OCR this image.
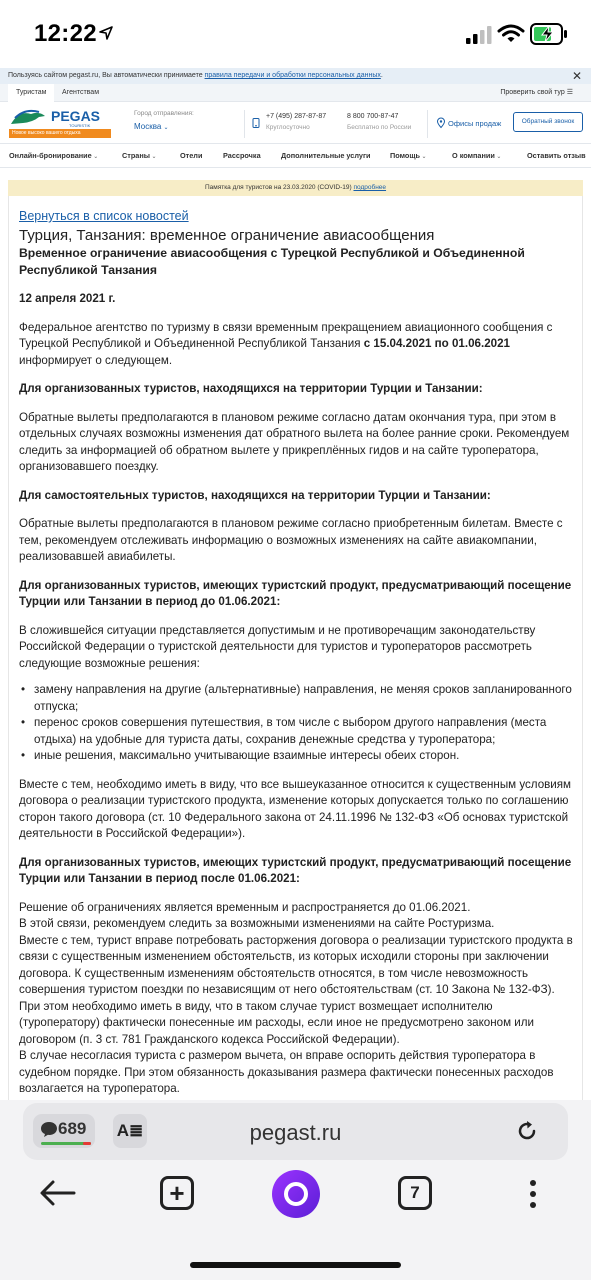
12:22
Пользуясь сайтом pegast.ru, Вы автоматически принимаете правила передачи и обработки персональных данных.	✕
Туристам	Агентствам	Проверить свой тур ☰
PEGAS
TOURISTIK
Новое высоко вашего отдыха
Город отправления:
Москва ⌄
+7 (495) 287-87-87
Круглосуточно
8 800 700-87-47
Бесплатно по России	Офисы продаж	Обратный звонок
Онлайн-бронирование⌄	Страны⌄	Отели	Рассрочка	Дополнительные услуги	Помощь⌄	О компании⌄	Оставить отзыв
Памятка для туристов на 23.03.2020 (COVID-19) подробнее
Вернуться в список новостей
Турция, Танзания: временное ограничение авиасообщения
Временное ограничение авиасообщения с Турецкой Республикой и Объединенной Республикой Танзания
12 апреля 2021 г.
Федеральное агентство по туризму в связи временным прекращением авиационного сообщения с Турецкой Республикой и Объединенной Республикой Танзания с 15.04.2021 по 01.06.2021 информирует о следующем.
Для организованных туристов, находящихся на территории Турции и Танзании:
Обратные вылеты предполагаются в плановом режиме согласно датам окончания тура, при этом в отдельных случаях возможны изменения дат обратного вылета на более ранние сроки. Рекомендуем следить за информацией об обратном вылете у прикреплённых гидов и на сайте туроператора, организовавшего поездку.
Для самостоятельных туристов, находящихся на территории Турции и Танзании:
Обратные вылеты предполагаются в плановом режиме согласно приобретенным билетам. Вместе с тем, рекомендуем отслеживать информацию о возможных изменениях на сайте авиакомпании, реализовавшей авиабилеты.
Для организованных туристов, имеющих туристский продукт, предусматривающий посещение Турции или Танзании в период до 01.06.2021:
В сложившейся ситуации представляется допустимым и не противоречащим законодательству Российской Федерации о туристской деятельности для туристов и туроператоров рассмотреть следующие возможные решения:
• замену направления на другие (альтернативные) направления, не меняя сроков запланированного отпуска;
• перенос сроков совершения путешествия, в том числе с выбором другого направления (места отдыха) на удобные для туриста даты, сохранив денежные средства у туроператора;
• иные решения, максимально учитывающие взаимные интересы обеих сторон.
Вместе с тем, необходимо иметь в виду, что все вышеуказанное относится к существенным условиям договора о реализации туристского продукта, изменение которых допускается только по соглашению сторон такого договора (ст. 10 Федерального закона от 24.11.1996 № 132-ФЗ «Об основах туристской деятельности в Российской Федерации»).
Для организованных туристов, имеющих туристский продукт, предусматривающий посещение Турции или Танзании в период после 01.06.2021:
Решение об ограничениях является временным и распространяется до 01.06.2021.
В этой связи, рекомендуем следить за возможными изменениями на сайте Ростуризма.
Вместе с тем, турист вправе потребовать расторжения договора о реализации туристского продукта в связи с существенным изменением обстоятельств, из которых исходили стороны при заключении договора. К существенным изменениям обстоятельств относятся, в том числе невозможность совершения туристом поездки по независящим от него обстоятельствам (ст. 10 Закона № 132-ФЗ). При этом необходимо иметь в виду, что в таком случае турист возмещает исполнителю (туроператору) фактически понесенные им расходы, если иное не предусмотрено законом или договором (п. 3 ст. 781 Гражданского кодекса Российской Федерации).
В случае несогласия туриста с размером вычета, он вправе оспорить действия туроператора в судебном порядке. При этом обязанность доказывания размера фактически понесенных расходов возлагается на туроператора.
689 A≣	pegast.ru
+	7
